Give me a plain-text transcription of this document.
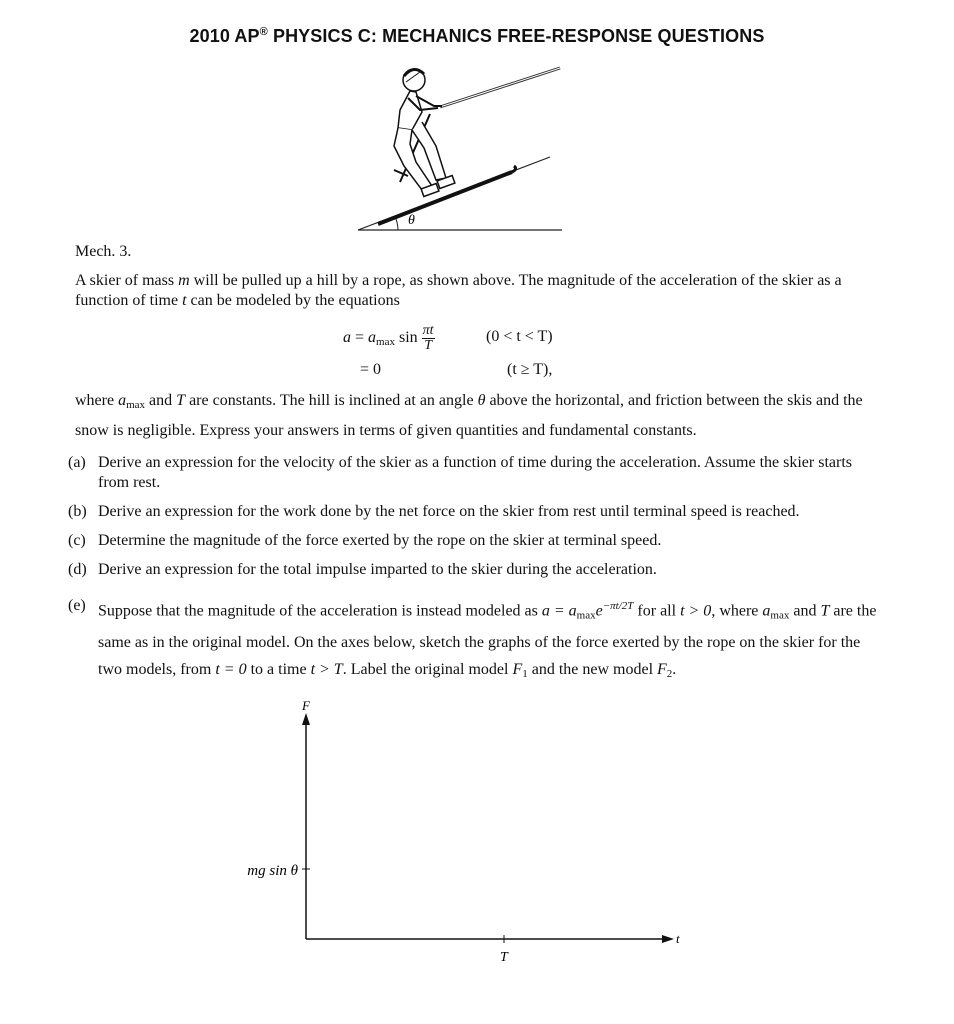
2010 AP® PHYSICS C: MECHANICS FREE-RESPONSE QUESTIONS
θ
Mech. 3.
A skier of mass m will be pulled up a hill by a rope, as shown above. The magnitude of the acceleration of the skier as a function of time t can be modeled by the equations
$a = a_{max}$ $\sin \frac{\pi t}{T}$	(0 < t < T)
= 0	(t ≥ T),
where $a_{max}$ and T are constants. The hill is inclined at an angle θ above the horizontal, and friction between the skis and the snow is negligible. Express your answers in terms of given quantities and fundamental constants.
(a) Derive an expression for the velocity of the skier as a function of time during the acceleration. Assume the skier starts from rest.
(b) Derive an expression for the work done by the net force on the skier from rest until terminal speed is reached.
(c) Determine the magnitude of the force exerted by the rope on the skier at terminal speed.
(d) Derive an expression for the total impulse imparted to the skier during the acceleration.
(e) Suppose that the magnitude of the acceleration is instead modeled as $a = a_{max}e^{-\pi t/2T}$ for all t > 0, where $a_{max}$ and T are the same as in the original model. On the axes below, sketch the graphs of the force exerted by the rope on the skier for the two models, from t = 0 to a time t > T. Label the original model $F_1$ and the new model $F_2$.
F
t
mg sin θ
T
